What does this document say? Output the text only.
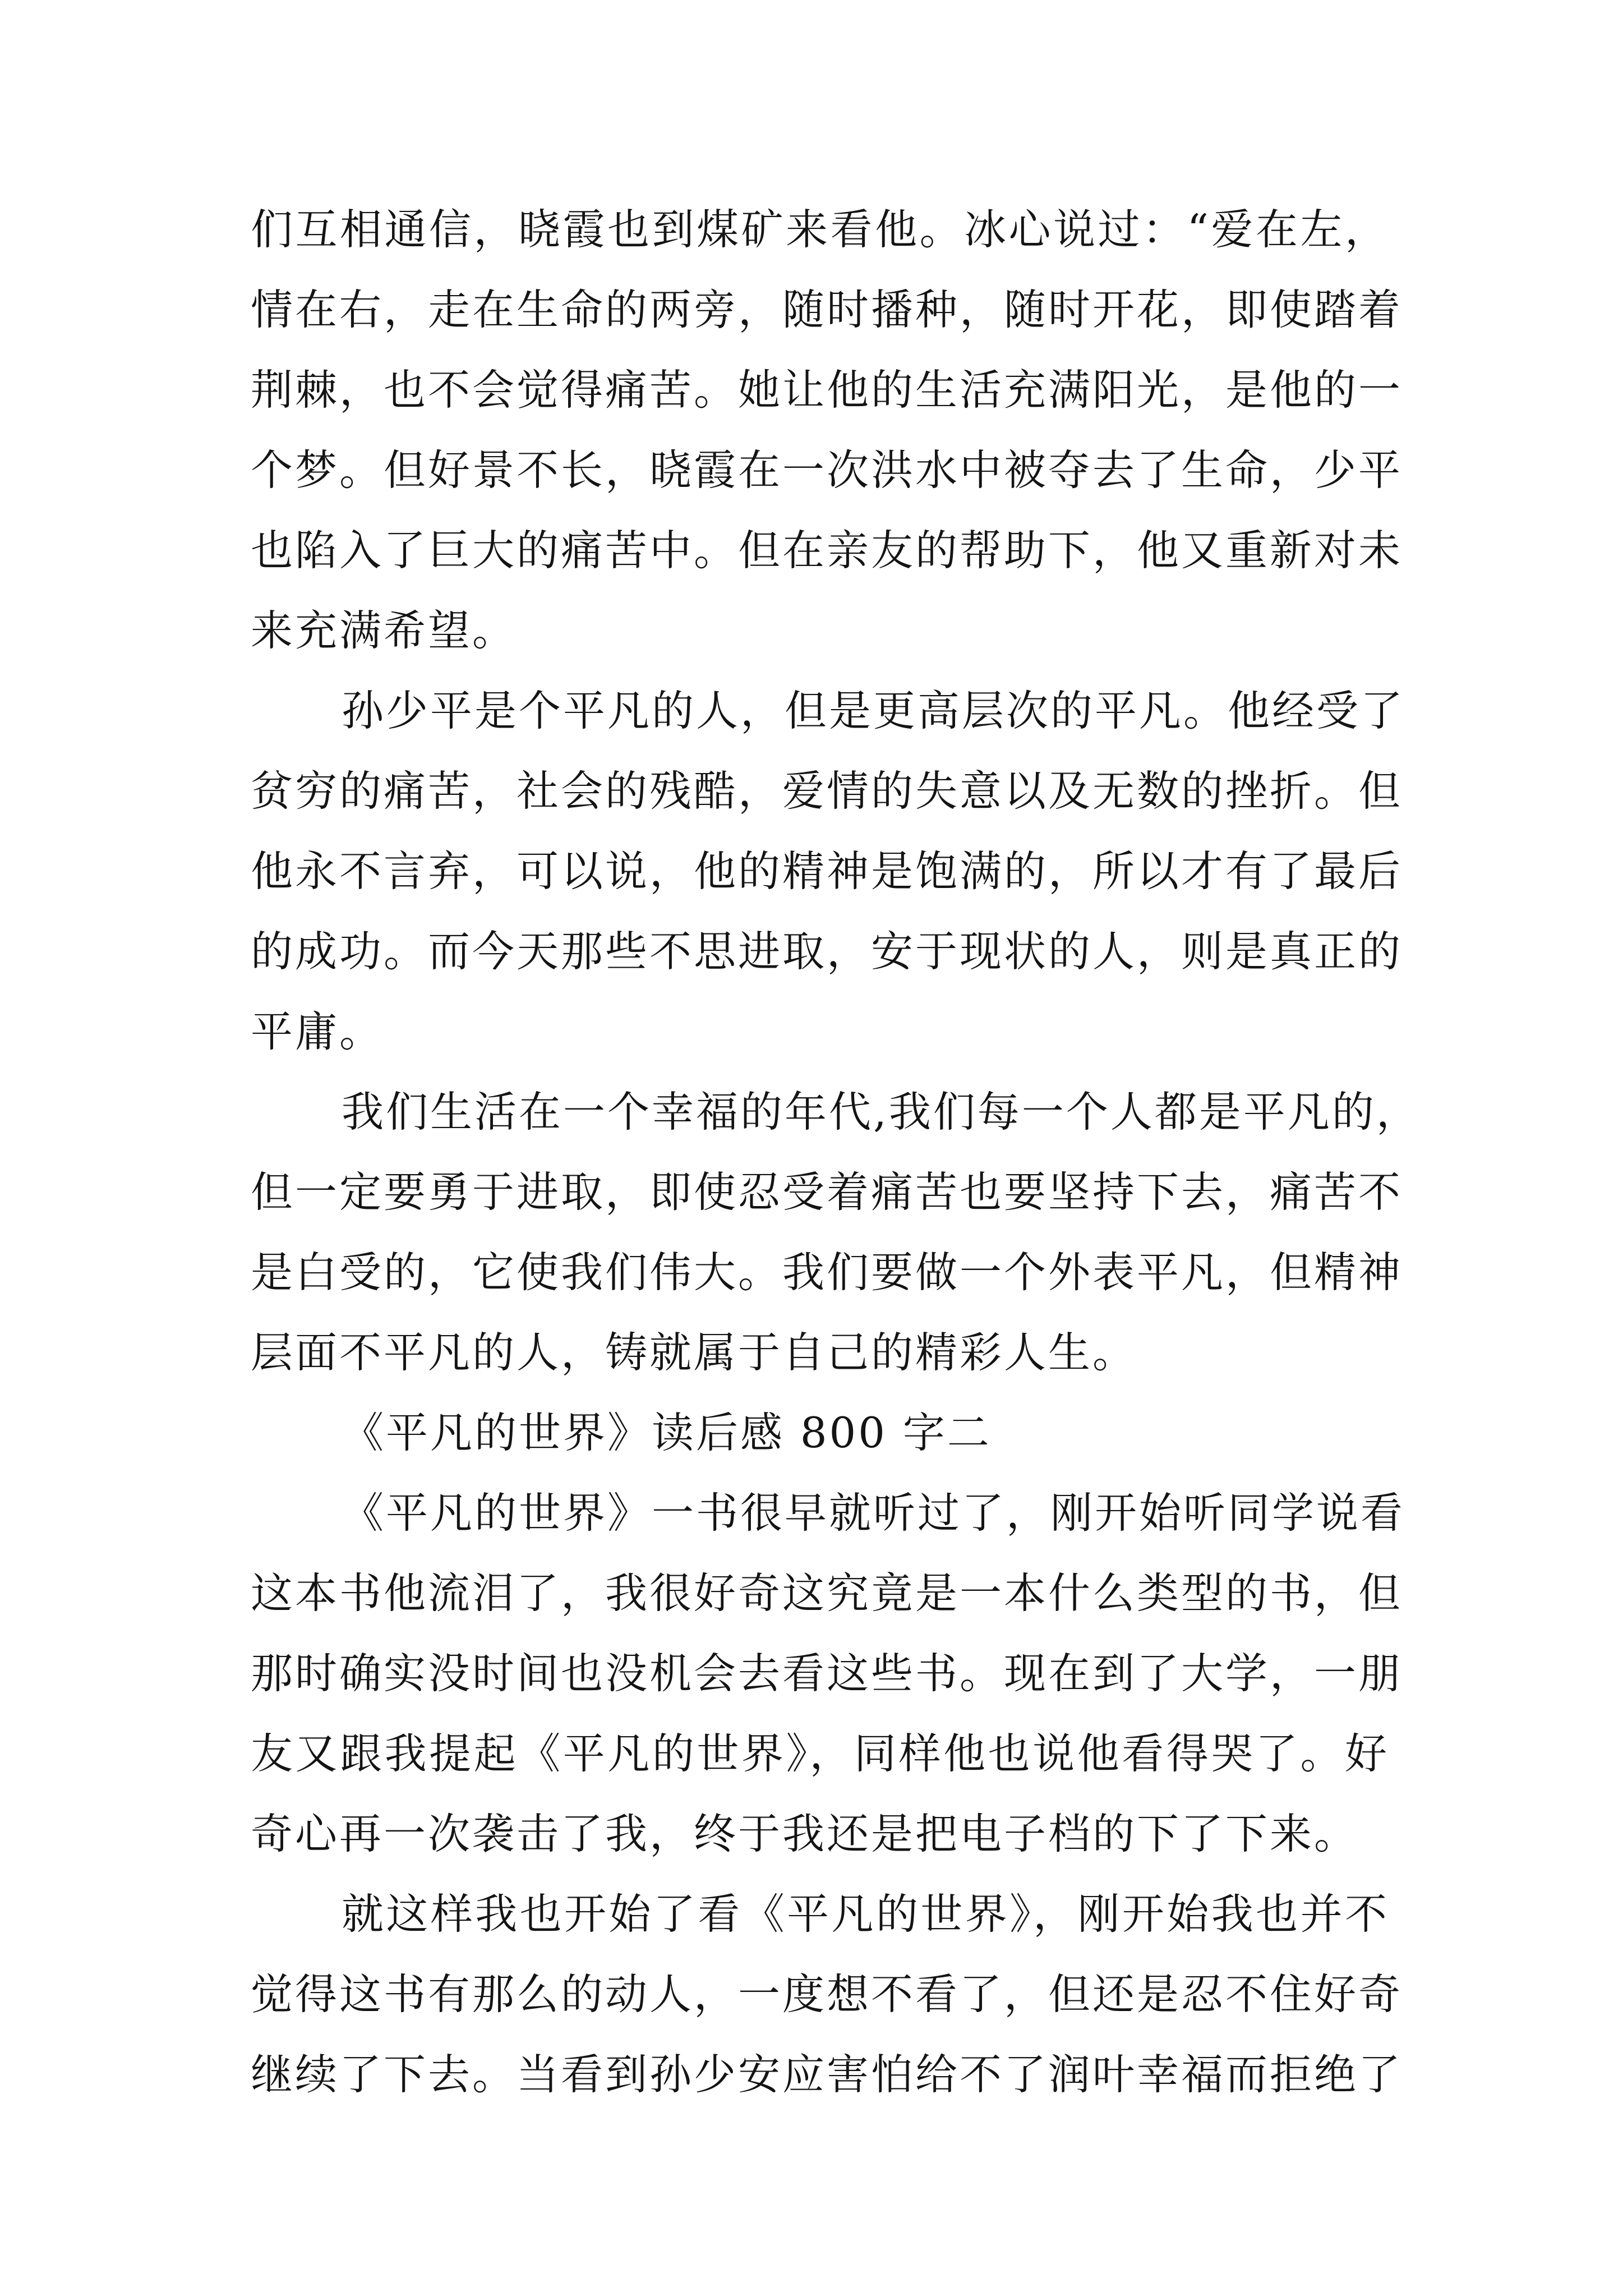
们互相通信，晓霞也到煤矿来看他。冰心说过：“爱在左，
情在右，走在生命的两旁，随时播种，随时开花，即使踏着
荆棘，也不会觉得痛苦。她让他的生活充满阳光，是他的一
个梦。但好景不长，晓霞在一次洪水中被夺去了生命，少平
也陷入了巨大的痛苦中。但在亲友的帮助下，他又重新对未
来充满希望。
孙少平是个平凡的人，但是更高层次的平凡。他经受了
贫穷的痛苦，社会的残酷，爱情的失意以及无数的挫折。但
他永不言弃，可以说，他的精神是饱满的，所以才有了最后
的成功。而今天那些不思进取，安于现状的人，则是真正的
平庸。
我们生活在一个幸福的年代,我们每一个人都是平凡的，
但一定要勇于进取，即使忍受着痛苦也要坚持下去，痛苦不
是白受的，它使我们伟大。我们要做一个外表平凡，但精神
层面不平凡的人，铸就属于自己的精彩人生。
《平凡的世界》读后感 800 字二
《平凡的世界》一书很早就听过了，刚开始听同学说看
这本书他流泪了，我很好奇这究竟是一本什么类型的书，但
那时确实没时间也没机会去看这些书。现在到了大学，一朋
友又跟我提起《平凡的世界》，同样他也说他看得哭了。好
奇心再一次袭击了我，终于我还是把电子档的下了下来。
就这样我也开始了看《平凡的世界》，刚开始我也并不
觉得这书有那么的动人，一度想不看了，但还是忍不住好奇
继续了下去。当看到孙少安应害怕给不了润叶幸福而拒绝了
